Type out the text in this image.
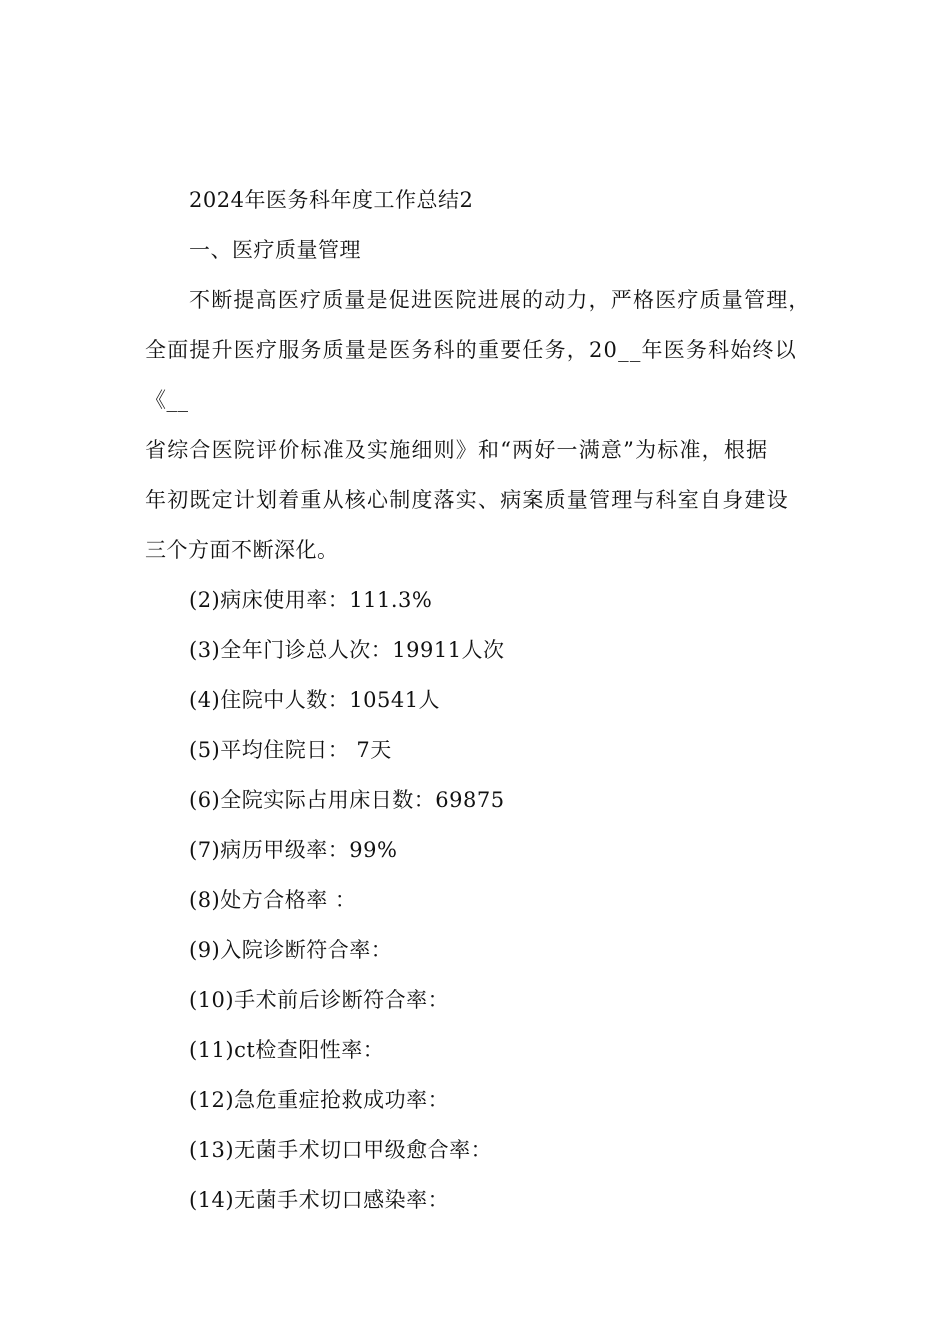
2024年医务科年度工作总结2
一、医疗质量管理
不断提高医疗质量是促进医院进展的动力，严格医疗质量管理，
全面提升医疗服务质量是医务科的重要任务，20__年医务科始终以
《__
省综合医院评价标准及实施细则》和“两好一满意”为标准，根据
年初既定计划着重从核心制度落实、病案质量管理与科室自身建设
三个方面不断深化。
(2)病床使用率：111.3%
(3)全年门诊总人次：19911人次
(4)住院中人数：10541人
(5)平均住院日： 7天
(6)全院实际占用床日数：69875
(7)病历甲级率：99%
(8)处方合格率 ：
(9)入院诊断符合率：
(10)手术前后诊断符合率：
(11)ct检查阳性率：
(12)急危重症抢救成功率：
(13)无菌手术切口甲级愈合率：
(14)无菌手术切口感染率：
